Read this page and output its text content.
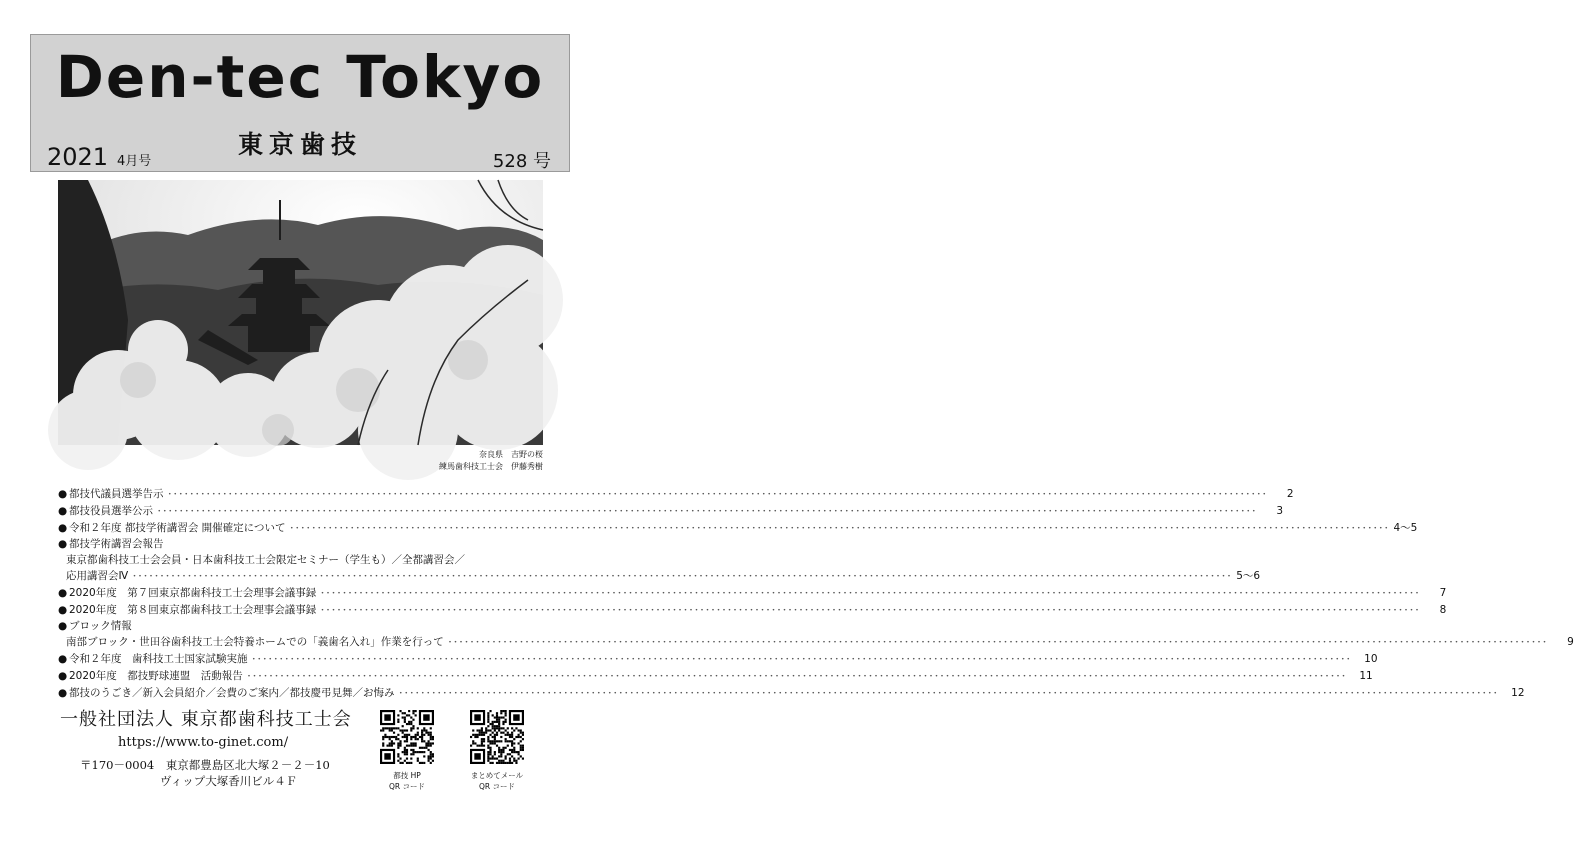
Den-tec Tokyo
東京歯技
2021 4月号	528 号
奈良県　吉野の桜
練馬歯科技工士会　伊藤秀樹
● 都技代議員選挙告示 ････････････････････････････････････････････････････････････････････････････････････････････････････････････････････････････････････････････････････････････････････････････････････････････････････････	2
● 都技役員選挙公示 ････････････････････････････････････････････････････････････････････････････････････････････････････････････････････････････････････････････････････････････････････････････････････････････････････････	3
● 令和２年度 都技学術講習会 開催確定について ････････････････････････････････････････････････････････････････････････････････････････････････････････････････････････････････････････････････････････････････････････････････････････････････････････ 4～5
● 都技学術講習会報告
東京都歯科技工士会会員・日本歯科技工士会限定セミナー（学生も）／全都講習会／
応用講習会Ⅳ ････････････････････････････････････････････････････････････････････････････････････････････････････････････････････････････････････････････････････････････････････････････････････････････････････････ 5～6
● 2020年度　第７回東京都歯科技工士会理事会議事録 ････････････････････････････････････････････････････････････････････････････････････････････････････････････････････････････････････････････････････････････････････････････････････････････････････････	7
● 2020年度　第８回東京都歯科技工士会理事会議事録 ････････････････････････････････････････････････････････････････････････････････････････････････････････････････････････････････････････････････････････････････････････････････････････････････････････	8
● ブロック情報
南部ブロック・世田谷歯科技工士会特養ホームでの「義歯名入れ」作業を行って ････････････････････････････････････････････････････････････････････････････････････････････････････････････････････････････････････････････････････････････････････････････････････････････････････････	9
● 令和２年度　歯科技工士国家試験実施 ････････････････････････････････････････････････････････････････････････････････････････････････････････････････････････････････････････････････････････････････････････････････････････････････････････	10
● 2020年度　都技野球連盟　活動報告 ････････････････････････････････････････････････････････････････････････････････････････････････････････････････････････････････････････････････････････････････････････････････････････････････････････	11
● 都技のうごき／新入会員紹介／会費のご案内／都技慶弔見舞／お悔み ････････････････････････････････････････････････････････････････････････････････････････････････････････････････････････････････････････････････････････････････････････････････････････････････････････	12
一般社団法人 東京都歯科技工士会
https://www.to-ginet.com/
〒170－0004　 東京都豊島区北大塚２－２－10
ヴィップ大塚香川ビル４Ｆ	都技 HP
QR コード
まとめてメール
QR コード
